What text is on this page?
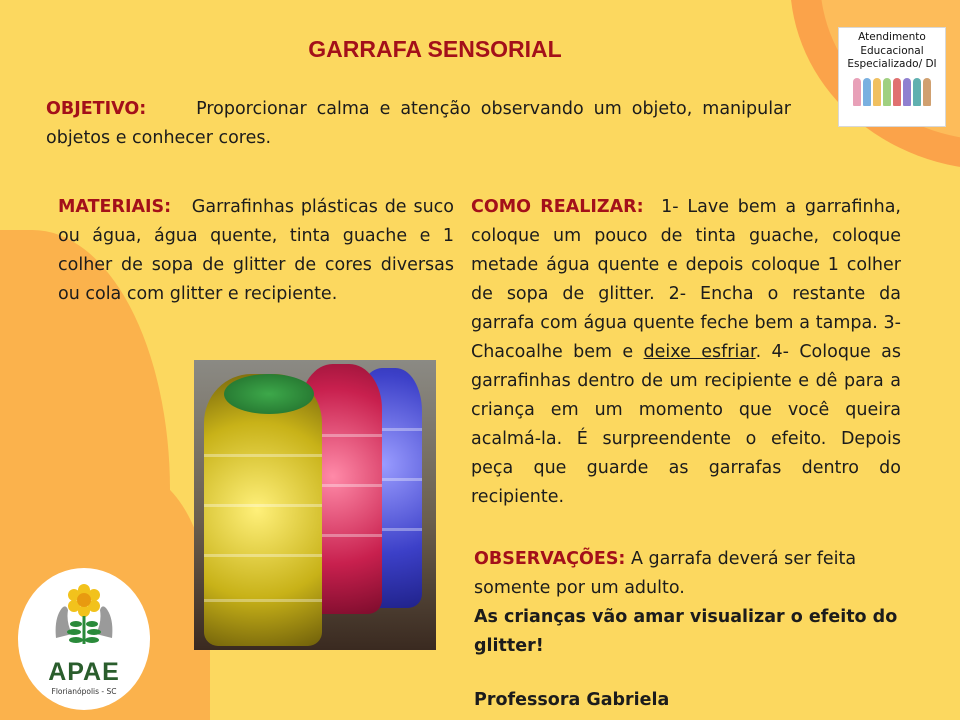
GARRAFA SENSORIAL

OBJETIVO:	Proporcionar calma e atenção observando um objeto, manipular objetos e conhecer cores.

MATERIAIS: Garrafinhas plásticas de suco ou água, água quente, tinta guache e 1 colher de sopa de glitter de cores diversas ou cola com glitter e recipiente.

COMO REALIZAR: 1- Lave bem a garrafinha, coloque um pouco de tinta guache, coloque metade água quente e depois coloque 1 colher de sopa de glitter. 2- Encha o restante da garrafa com água quente feche bem a tampa. 3- Chacoalhe bem e deixe esfriar. 4- Coloque as garrafinhas dentro de um recipiente e dê para a criança em um momento que você queira acalmá-la. É surpreendente o efeito. Depois peça que guarde as garrafas dentro do recipiente.

OBSERVAÇÕES: A garrafa deverá ser feita somente por um adulto.
As crianças vão amar visualizar o efeito do glitter!
Professora Gabriela
Atendimento
Educacional
Especializado/ DI
APAE
Florianópolis - SC
